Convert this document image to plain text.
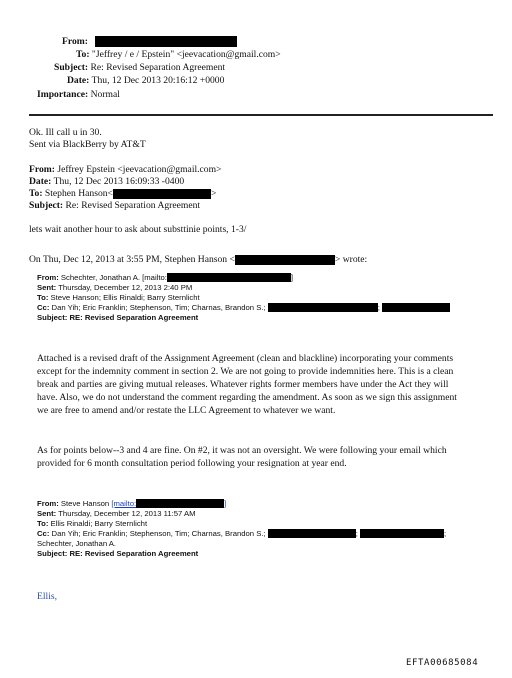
From:
To: "Jeffrey / e / Epstein" <jeevacation@gmail.com>
Subject: Re: Revised Separation Agreement
Date: Thu, 12 Dec 2013 20:16:12 +0000
Importance: Normal
Ok. Ill call u in 30.
Sent via BlackBerry by AT&T
From: Jeffrey Epstein <jeevacation@gmail.com>
Date: Thu, 12 Dec 2013 16:09:33 -0400
To: Stephen Hanson<	>
Subject: Re: Revised Separation Agreement
lets wait another hour to ask about substtinie points, 1-3/
On Thu, Dec 12, 2013 at 3:55 PM, Stephen Hanson <	> wrote:
From: Schechter, Jonathan A. [mailto:	]
Sent: Thursday, December 12, 2013 2:40 PM
To: Steve Hanson; Ellis Rinaldi; Barry Sternlicht
Cc: Dan Yih; Eric Franklin; Stephenson, Tim; Charnas, Brandon S.;	;
Subject: RE: Revised Separation Agreement
Attached is a revised draft of the Assignment Agreement (clean and blackline) incorporating your comments
except for the indemnity comment in section 2. We are not going to provide indemnities here. This is a clean
break and parties are giving mutual releases. Whatever rights former members have under the Act they will
have. Also, we do not understand the comment regarding the amendment. As soon as we sign this assignment
we are free to amend and/or restate the LLC Agreement to whatever we want.
As for points below--3 and 4 are fine. On #2, it was not an oversight. We were following your email which
provided for 6 month consultation period following your resignation at year end.
From: Steve Hanson [mailto:	]
Sent: Thursday, December 12, 2013 11:57 AM
To: Ellis Rinaldi; Barry Sternlicht
Cc: Dan Yih; Eric Franklin; Stephenson, Tim; Charnas, Brandon S.;	;	;
Schechter, Jonathan A.
Subject: RE: Revised Separation Agreement
Ellis,
EFTA00685084
